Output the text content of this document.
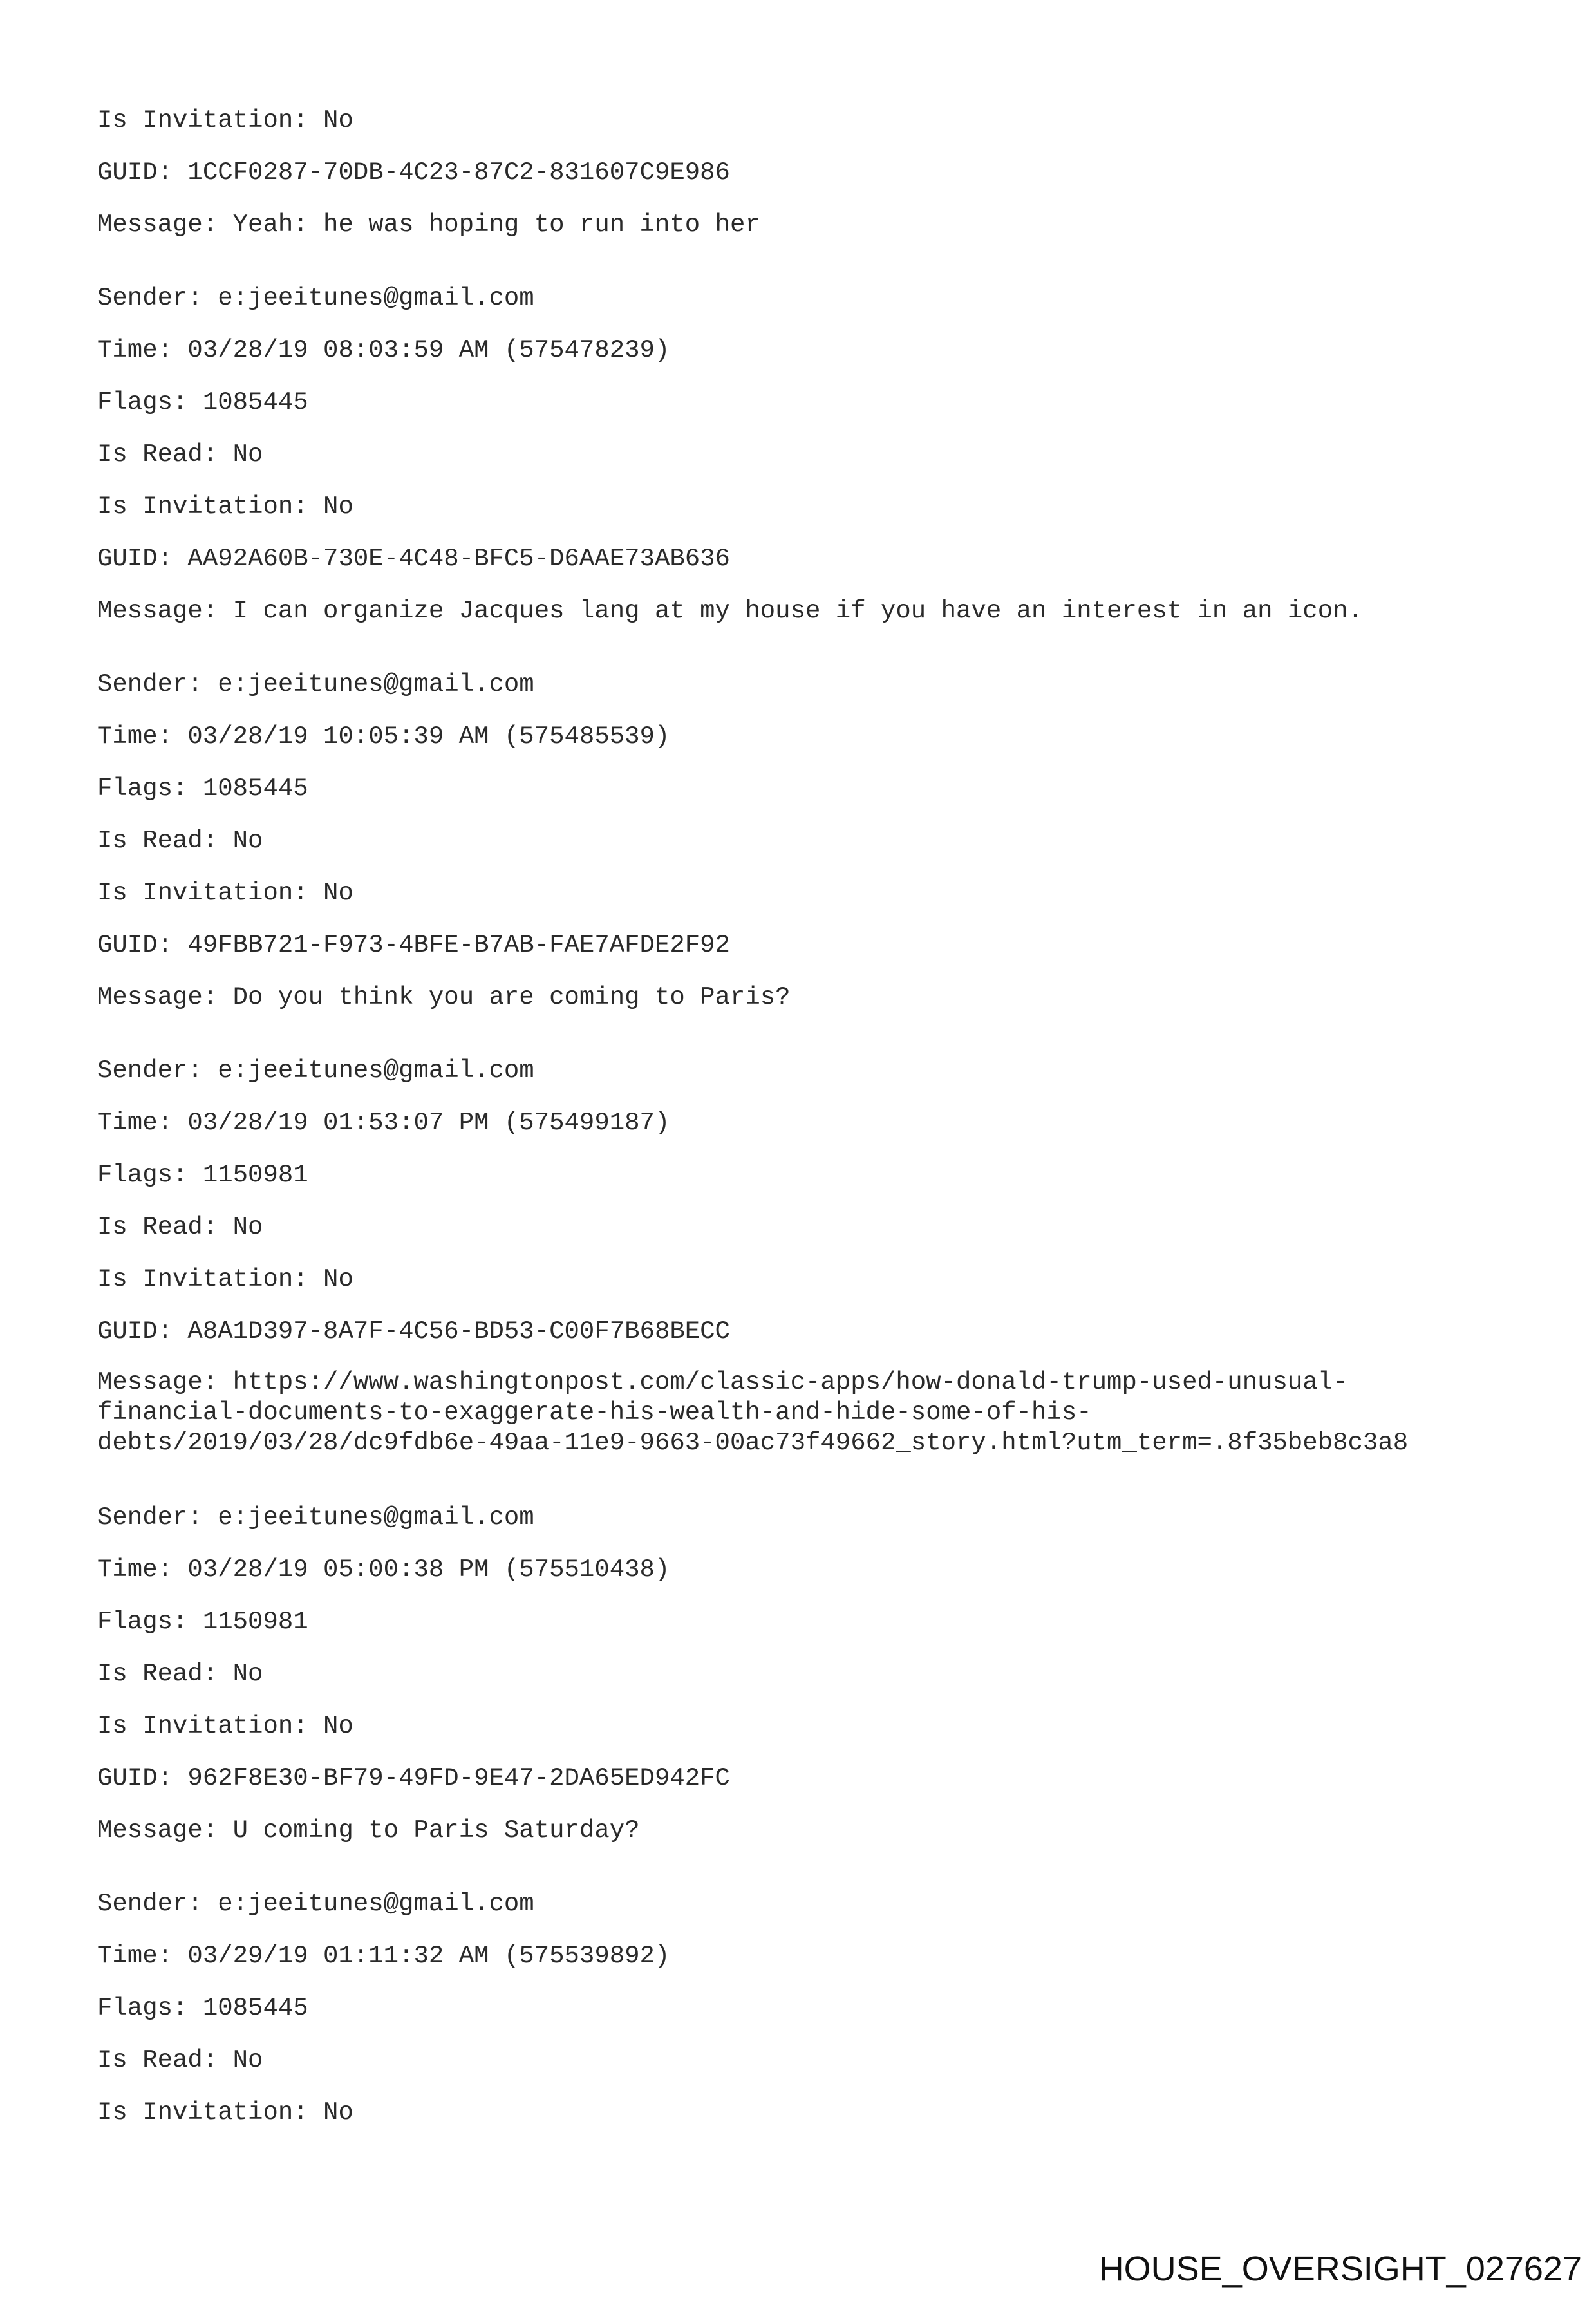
Is Invitation: No

GUID: 1CCF0287-70DB-4C23-87C2-831607C9E986

Message: Yeah: he was hoping to run into her

Sender: e:jeeitunes@gmail.com

Time: 03/28/19 08:03:59 AM (575478239)

Flags: 1085445

Is Read: No

Is Invitation: No

GUID: AA92A60B-730E-4C48-BFC5-D6AAE73AB636

Message: I can organize Jacques lang at my house if you have an interest in an icon.

Sender: e:jeeitunes@gmail.com

Time: 03/28/19 10:05:39 AM (575485539)

Flags: 1085445

Is Read: No

Is Invitation: No

GUID: 49FBB721-F973-4BFE-B7AB-FAE7AFDE2F92

Message: Do you think you are coming to Paris?

Sender: e:jeeitunes@gmail.com

Time: 03/28/19 01:53:07 PM (575499187)

Flags: 1150981

Is Read: No

Is Invitation: No

GUID: A8A1D397-8A7F-4C56-BD53-C00F7B68BECC

Message: https://www.washingtonpost.com/classic-apps/how-donald-trump-used-unusual-
financial-documents-to-exaggerate-his-wealth-and-hide-some-of-his-
debts/2019/03/28/dc9fdb6e-49aa-11e9-9663-00ac73f49662_story.html?utm_term=.8f35beb8c3a8

Sender: e:jeeitunes@gmail.com

Time: 03/28/19 05:00:38 PM (575510438)

Flags: 1150981

Is Read: No

Is Invitation: No

GUID: 962F8E30-BF79-49FD-9E47-2DA65ED942FC

Message: U coming to Paris Saturday?

Sender: e:jeeitunes@gmail.com

Time: 03/29/19 01:11:32 AM (575539892)

Flags: 1085445

Is Read: No

Is Invitation: No

HOUSE_OVERSIGHT_027627
